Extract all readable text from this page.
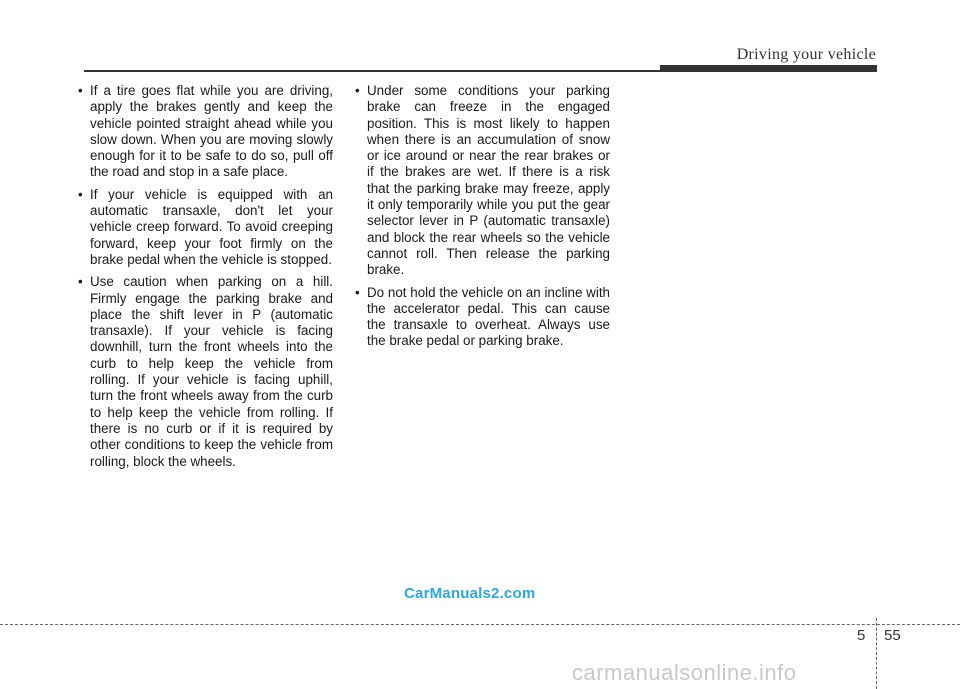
Driving your vehicle
• If a tire goes flat while you are driving, apply the brakes gently and keep the vehicle pointed straight ahead while you slow down. When you are moving slowly enough for it to be safe to do so, pull off the road and stop in a safe place.
• If your vehicle is equipped with an automatic transaxle, don't let your vehicle creep forward. To avoid creeping forward, keep your foot firmly on the brake pedal when the vehicle is stopped.
• Use caution when parking on a hill. Firmly engage the parking brake and place the shift lever in P (automatic transaxle). If your vehicle is facing downhill, turn the front wheels into the curb to help keep the vehicle from rolling. If your vehicle is facing uphill, turn the front wheels away from the curb to help keep the vehicle from rolling. If there is no curb or if it is required by other conditions to keep the vehicle from rolling, block the wheels.
• Under some conditions your parking brake can freeze in the engaged position. This is most likely to happen when there is an accumulation of snow or ice around or near the rear brakes or if the brakes are wet. If there is a risk that the parking brake may freeze, apply it only temporarily while you put the gear selector lever in P (automatic transaxle) and block the rear wheels so the vehicle cannot roll. Then release the parking brake.
• Do not hold the vehicle on an incline with the accelerator pedal. This can cause the transaxle to overheat. Always use the brake pedal or parking brake.
CarManuals2.com
5 55
carmanualsonline.info
